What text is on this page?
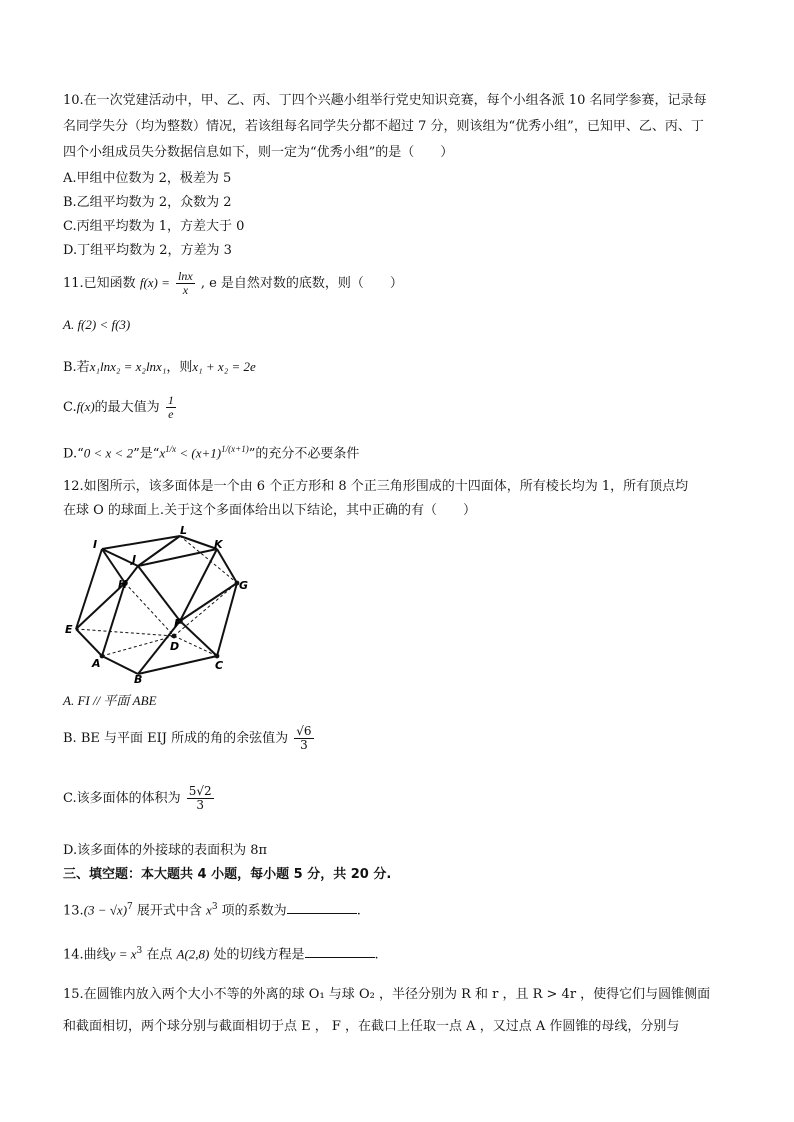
10.在一次党建活动中，甲、乙、丙、丁四个兴趣小组举行党史知识竞赛，每个小组各派 10 名同学参赛，记录每
名同学失分（均为整数）情况，若该组每名同学失分都不超过 7 分，则该组为“优秀小组”，已知甲、乙、丙、丁
四个小组成员失分数据信息如下，则一定为“优秀小组”的是（　　）
A.甲组中位数为 2，极差为 5
B.乙组平均数为 2，众数为 2
C.丙组平均数为 1，方差大于 0
D.丁组平均数为 2，方差为 3
11.已知函数 $f(x) = \frac{\ln x}{x}$ , e 是自然对数的底数，则（　　）
A. f(2) < f(3)
B.若x₁lnx₂ = x₂lnx₁，则x₁ + x₂ = 2e
C.f(x)的最大值为 $\frac{1}{e}$
D.“0 < x < 2”是“$x^{1/x} < (x+1)^{1/(x+1)}$”的充分不必要条件
12.如图所示，该多面体是一个由 6 个正方形和 8 个正三角形围成的十四面体，所有棱长均为 1，所有顶点均
在球 O 的球面上.关于这个多面体给出以下结论，其中正确的有（　　）
I
L
J
K
H	G
E	F
D
A	C
B
A. FI // 平面 ABE
B. BE 与平面 EIJ 所成的角的余弦值为 $\frac{√6}{3}$
C.该多面体的体积为 $\frac{5√2}{3}$
D.该多面体的外接球的表面积为 8π
三、填空题：本大题共 4 小题，每小题 5 分，共 20 分.
$13.(3 - √x)^7$ 展开式中含 $x^3$ 项的系数为	.
14.曲线$y = x^3$ 在点 A(2,8) 处的切线方程是	.
15.在圆锥内放入两个大小不等的外离的球 O₁ 与球 O₂ ，半径分别为 R 和 r ，且 R > 4r ，使得它们与圆锥侧面
和截面相切，两个球分别与截面相切于点 E ， F ，在截口上任取一点 A ，又过点 A 作圆锥的母线，分别与
